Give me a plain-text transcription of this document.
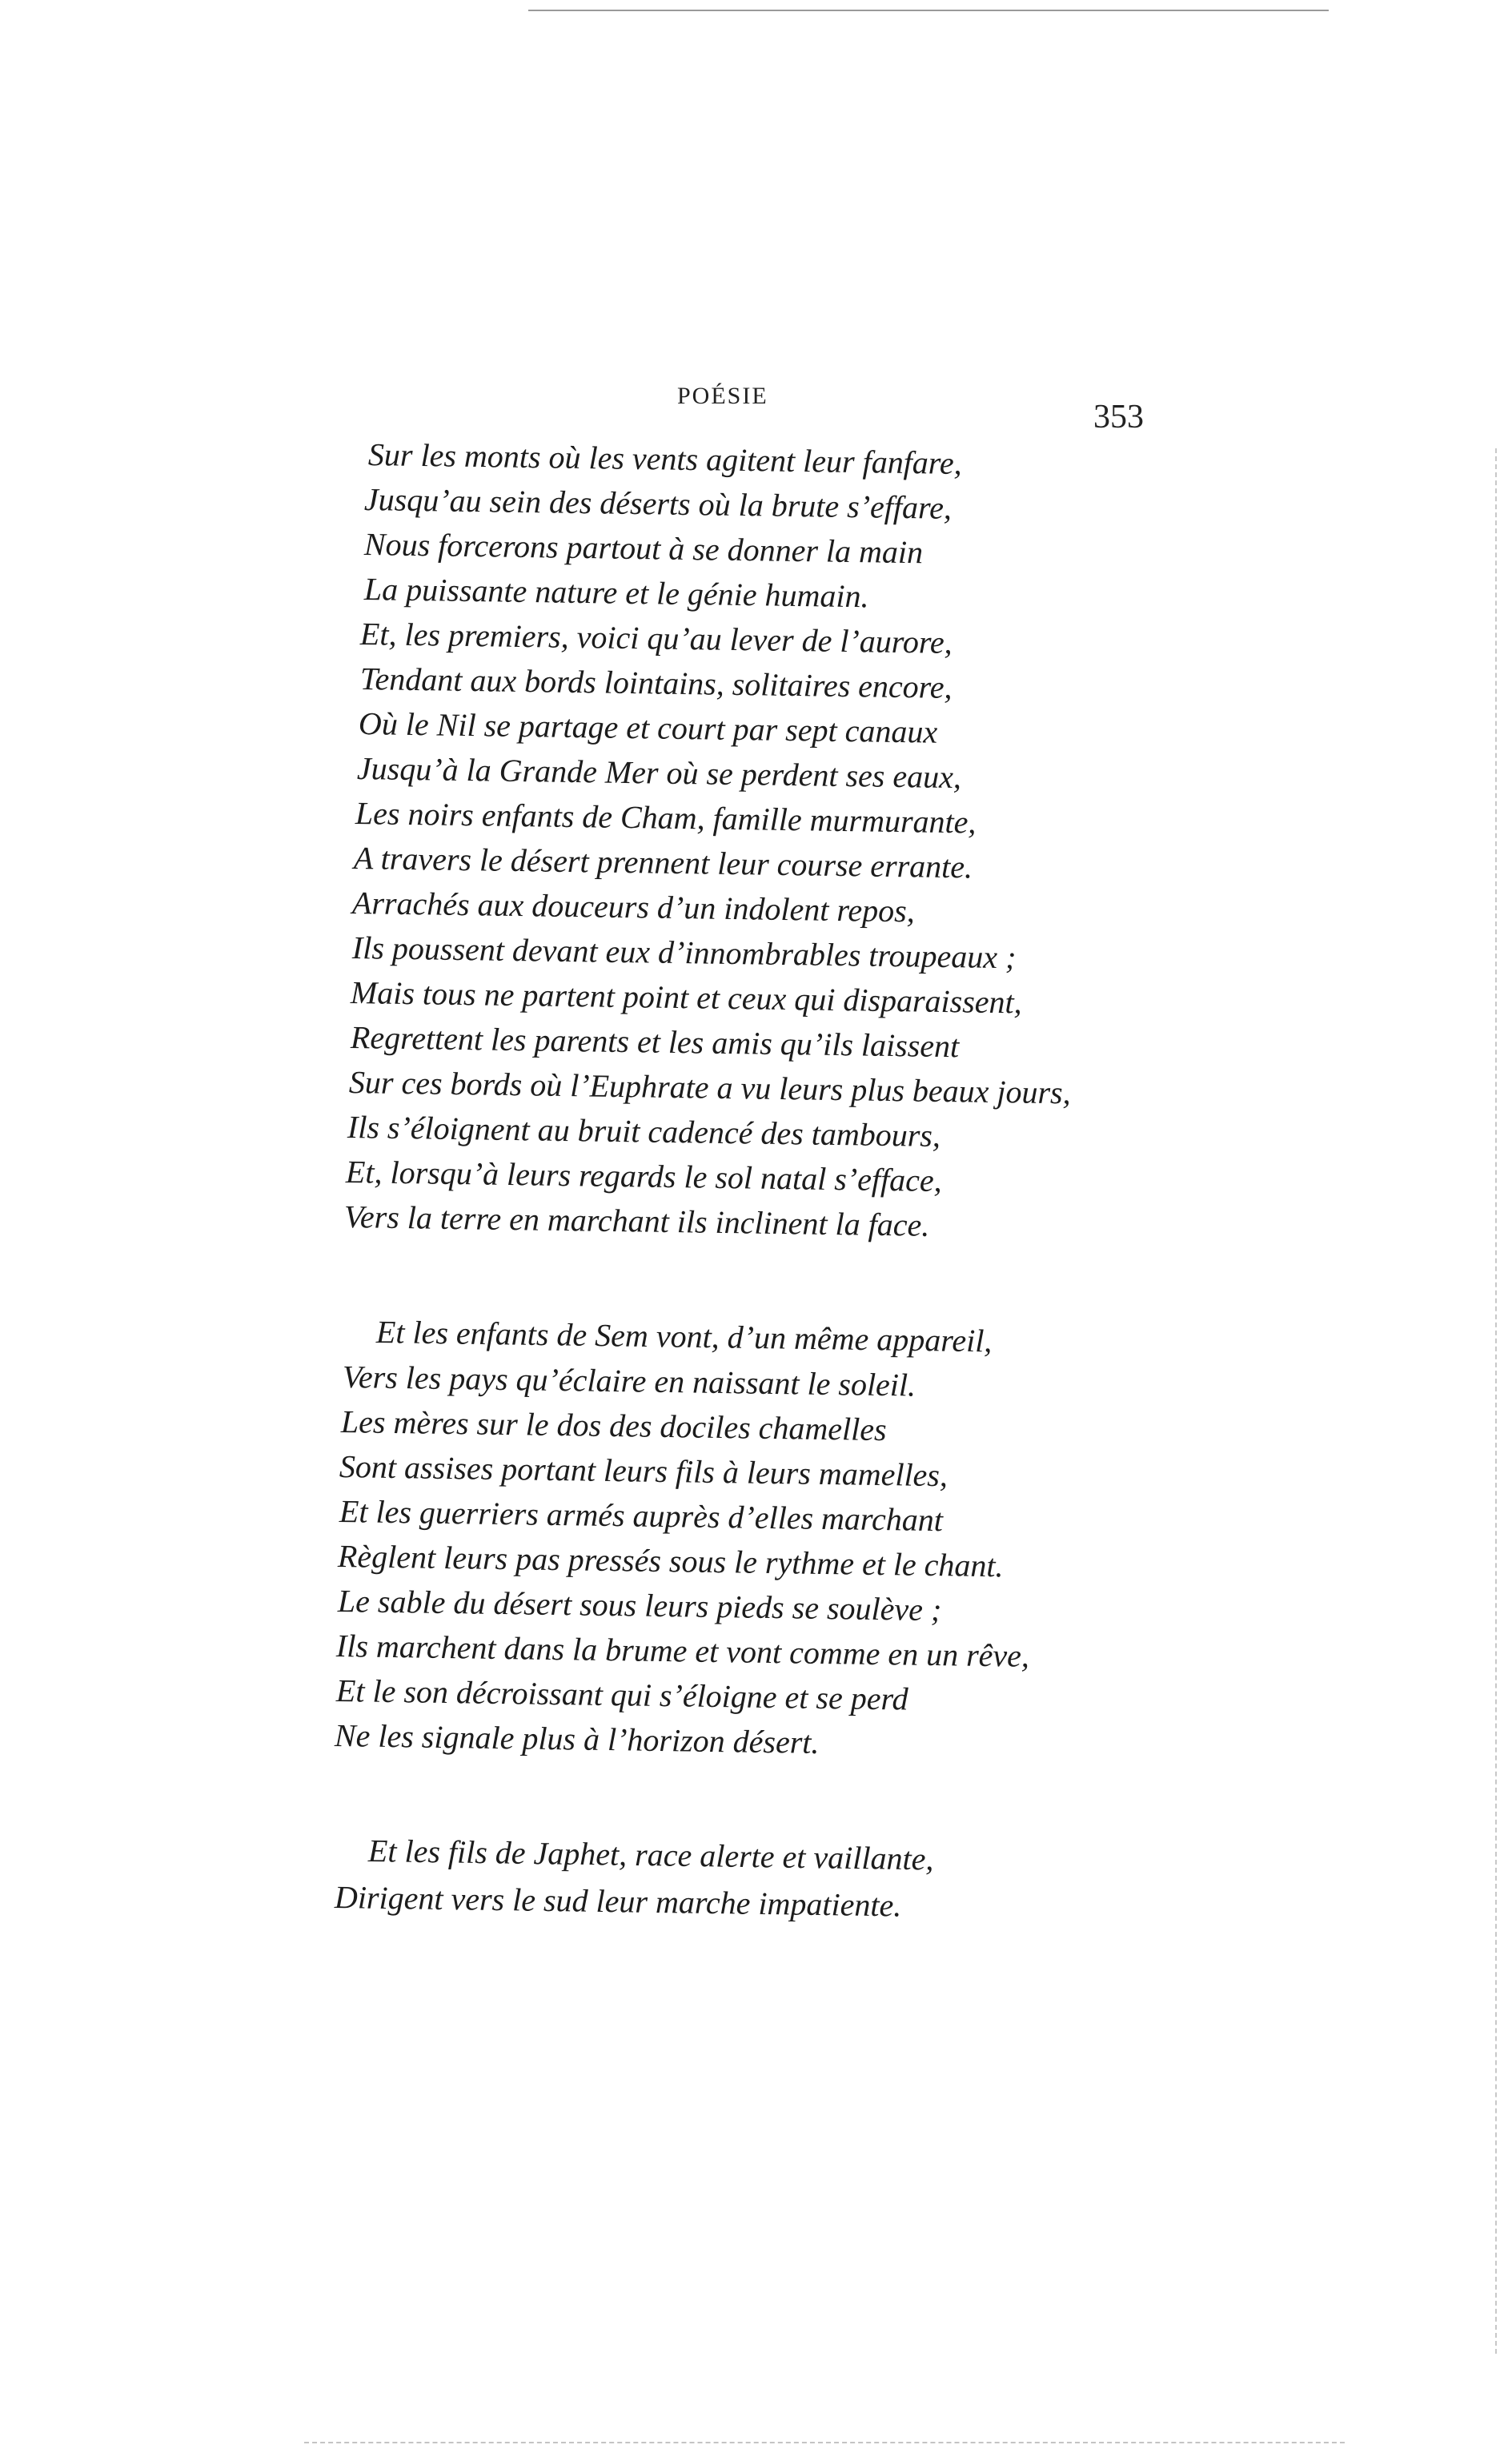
POÉSIE
353
Sur les monts où les vents agitent leur fanfare,
Jusqu’au sein des déserts où la brute s’effare,
Nous forcerons partout à se donner la main
La puissante nature et le génie humain.
Et, les premiers, voici qu’au lever de l’aurore,
Tendant aux bords lointains, solitaires encore,
Où le Nil se partage et court par sept canaux
Jusqu’à la Grande Mer où se perdent ses eaux,
Les noirs enfants de Cham, famille murmurante,
A travers le désert prennent leur course errante.
Arrachés aux douceurs d’un indolent repos,
Ils poussent devant eux d’innombrables troupeaux ;
Mais tous ne partent point et ceux qui disparaissent,
Regrettent les parents et les amis qu’ils laissent
Sur ces bords où l’Euphrate a vu leurs plus beaux jours,
Ils s’éloignent au bruit cadencé des tambours,
Et, lorsqu’à leurs regards le sol natal s’efface,
Vers la terre en marchant ils inclinent la face.
Et les enfants de Sem vont, d’un même appareil,
Vers les pays qu’éclaire en naissant le soleil.
Les mères sur le dos des dociles chamelles
Sont assises portant leurs fils à leurs mamelles,
Et les guerriers armés auprès d’elles marchant
Règlent leurs pas pressés sous le rythme et le chant.
Le sable du désert sous leurs pieds se soulève ;
Ils marchent dans la brume et vont comme en un rêve,
Et le son décroissant qui s’éloigne et se perd
Ne les signale plus à l’horizon désert.
Et les fils de Japhet, race alerte et vaillante,
Dirigent vers le sud leur marche impatiente.
